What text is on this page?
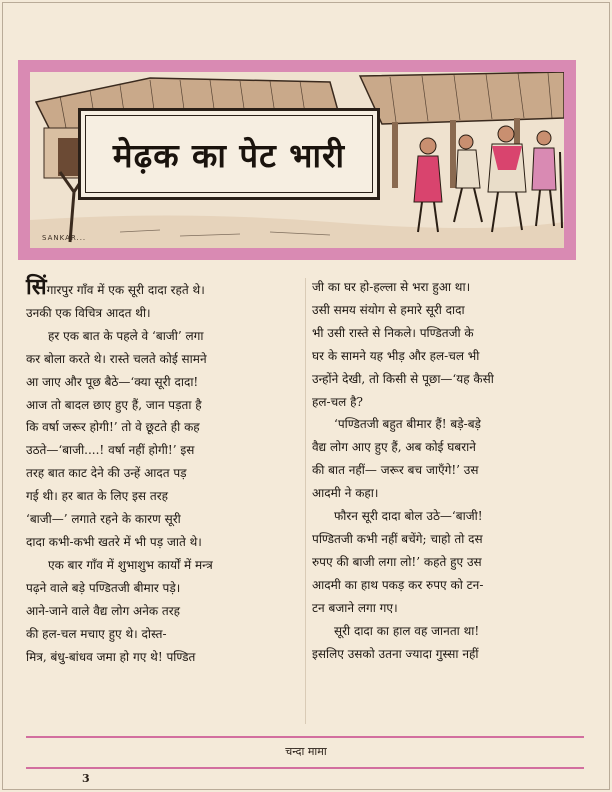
मेढ़क का पेट भारी
SANKAR...
सिंगारपुर गाँव में एक सूरी दादा रहते थे।
उनकी एक विचित्र आदत थी।
हर एक बात के पहले वे ‘बाजी’ लगा
कर बोला करते थे। रास्ते चलते कोई सामने
आ जाए और पूछ बैठे—‘क्या सूरी दादा!
आज तो बादल छाए हुए हैं, जान पड़ता है
कि वर्षा जरूर होगी!’ तो वे छूटते ही कह
उठते—‘बाजी....! वर्षा नहीं होगी!’ इस
तरह बात काट देने की उन्हें आदत पड़
गई थी। हर बात के लिए इस तरह
‘बाजी—’ लगाते रहने के कारण सूरी
दादा कभी-कभी खतरे में भी पड़ जाते थे।
एक बार गाँव में शुभाशुभ कार्यों में मन्त्र
पढ़ने वाले बड़े पण्डितजी बीमार पड़े।
आने-जाने वाले वैद्य लोग अनेक तरह
की हल-चल मचाए हुए थे। दोस्त-
मित्र, बंधु-बांधव जमा हो गए थे! पण्डित
जी का घर हो-हल्ला से भरा हुआ था।
उसी समय संयोग से हमारे सूरी दादा
भी उसी रास्ते से निकले। पण्डितजी के
घर के सामने यह भीड़ और हल-चल भी
उन्होंने देखी, तो किसी से पूछा—‘यह कैसी
हल-चल है?
‘पण्डितजी बहुत बीमार हैं! बड़े-बड़े
वैद्य लोग आए हुए हैं, अब कोई घबराने
की बात नहीं— जरूर बच जाएँगे!’ उस
आदमी ने कहा।
फौरन सूरी दादा बोल उठे—‘बाजी!
पण्डितजी कभी नहीं बचेंगे; चाहो तो दस
रुपए की बाजी लगा लो!’ कहते हुए उस
आदमी का हाथ पकड़ कर रुपए को टन-
टन बजाने लगा गए।
सूरी दादा का हाल वह जानता था!
इसलिए उसको उतना ज्यादा गुस्सा नहीं
चन्दा मामा
3
